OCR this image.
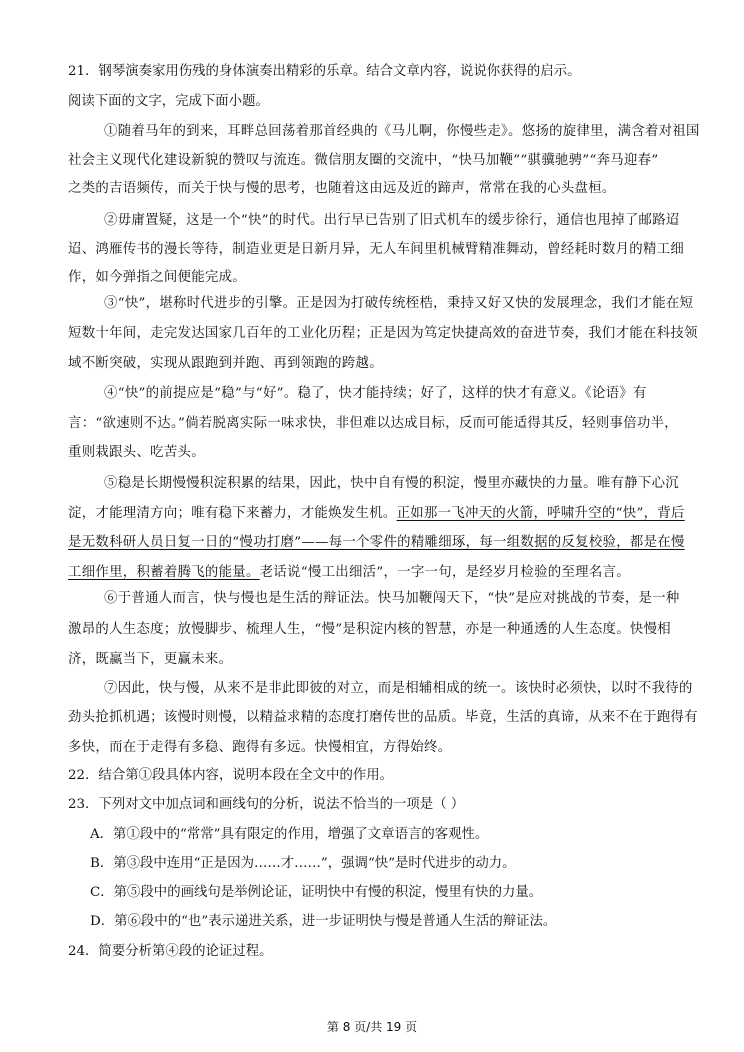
21．钢琴演奏家用伤残的身体演奏出精彩的乐章。结合文章内容，说说你获得的启示。
阅读下面的文字，完成下面小题。
①随着马年的到来，耳畔总回荡着那首经典的《马儿啊，你慢些走》。悠扬的旋律里，满含着对祖国
社会主义现代化建设新貌的赞叹与流连。微信朋友圈的交流中，“快马加鞭”“骐骥驰骋”“奔马迎春”
之类的吉语频传，而关于快与慢的思考，也随着这由远及近的蹄声，常常在我的心头盘桓。
②毋庸置疑，这是一个“快”的时代。出行早已告别了旧式机车的缓步徐行，通信也甩掉了邮路迢
迢、鸿雁传书的漫长等待，制造业更是日新月异，无人车间里机械臂精准舞动，曾经耗时数月的精工细
作，如今弹指之间便能完成。
③“快”，堪称时代进步的引擎。正是因为打破传统桎梏，秉持又好又快的发展理念，我们才能在短
短数十年间，走完发达国家几百年的工业化历程；正是因为笃定快捷高效的奋进节奏，我们才能在科技领
域不断突破，实现从跟跑到并跑、再到领跑的跨越。
④“快”的前提应是“稳”与“好”。稳了，快才能持续；好了，这样的快才有意义。《论语》有
言：“欲速则不达。”倘若脱离实际一味求快，非但难以达成目标，反而可能适得其反，轻则事倍功半，
重则栽跟头、吃苦头。
⑤稳是长期慢慢积淀积累的结果，因此，快中自有慢的积淀，慢里亦藏快的力量。唯有静下心沉
淀，才能理清方向；唯有稳下来蓄力，才能焕发生机。正如那一飞冲天的火箭，呼啸升空的“快”，背后
是无数科研人员日复一日的“慢功打磨”——每一个零件的精雕细琢，每一组数据的反复校验，都是在慢
工细作里，积蓄着腾飞的能量。老话说“慢工出细活”，一字一句，是经岁月检验的至理名言。
⑥于普通人而言，快与慢也是生活的辩证法。快马加鞭闯天下，“快”是应对挑战的节奏，是一种
激昂的人生态度；放慢脚步、梳理人生，“慢”是积淀内核的智慧，亦是一种通透的人生态度。快慢相
济，既赢当下，更赢未来。
⑦因此，快与慢，从来不是非此即彼的对立，而是相辅相成的统一。该快时必须快，以时不我待的
劲头抢抓机遇；该慢时则慢，以精益求精的态度打磨传世的品质。毕竟，生活的真谛，从来不在于跑得有
多快，而在于走得有多稳、跑得有多远。快慢相宜，方得始终。
22．结合第①段具体内容，说明本段在全文中的作用。
23．下列对文中加点词和画线句的分析，说法不恰当的一项是（ ）
A．第①段中的“常常”具有限定的作用，增强了文章语言的客观性。
B．第③段中连用“正是因为……才……”，强调“快”是时代进步的动力。
C．第⑤段中的画线句是举例论证，证明快中有慢的积淀，慢里有快的力量。
D．第⑥段中的“也”表示递进关系，进一步证明快与慢是普通人生活的辩证法。
24．简要分析第④段的论证过程。
第 8 页/共 19 页
